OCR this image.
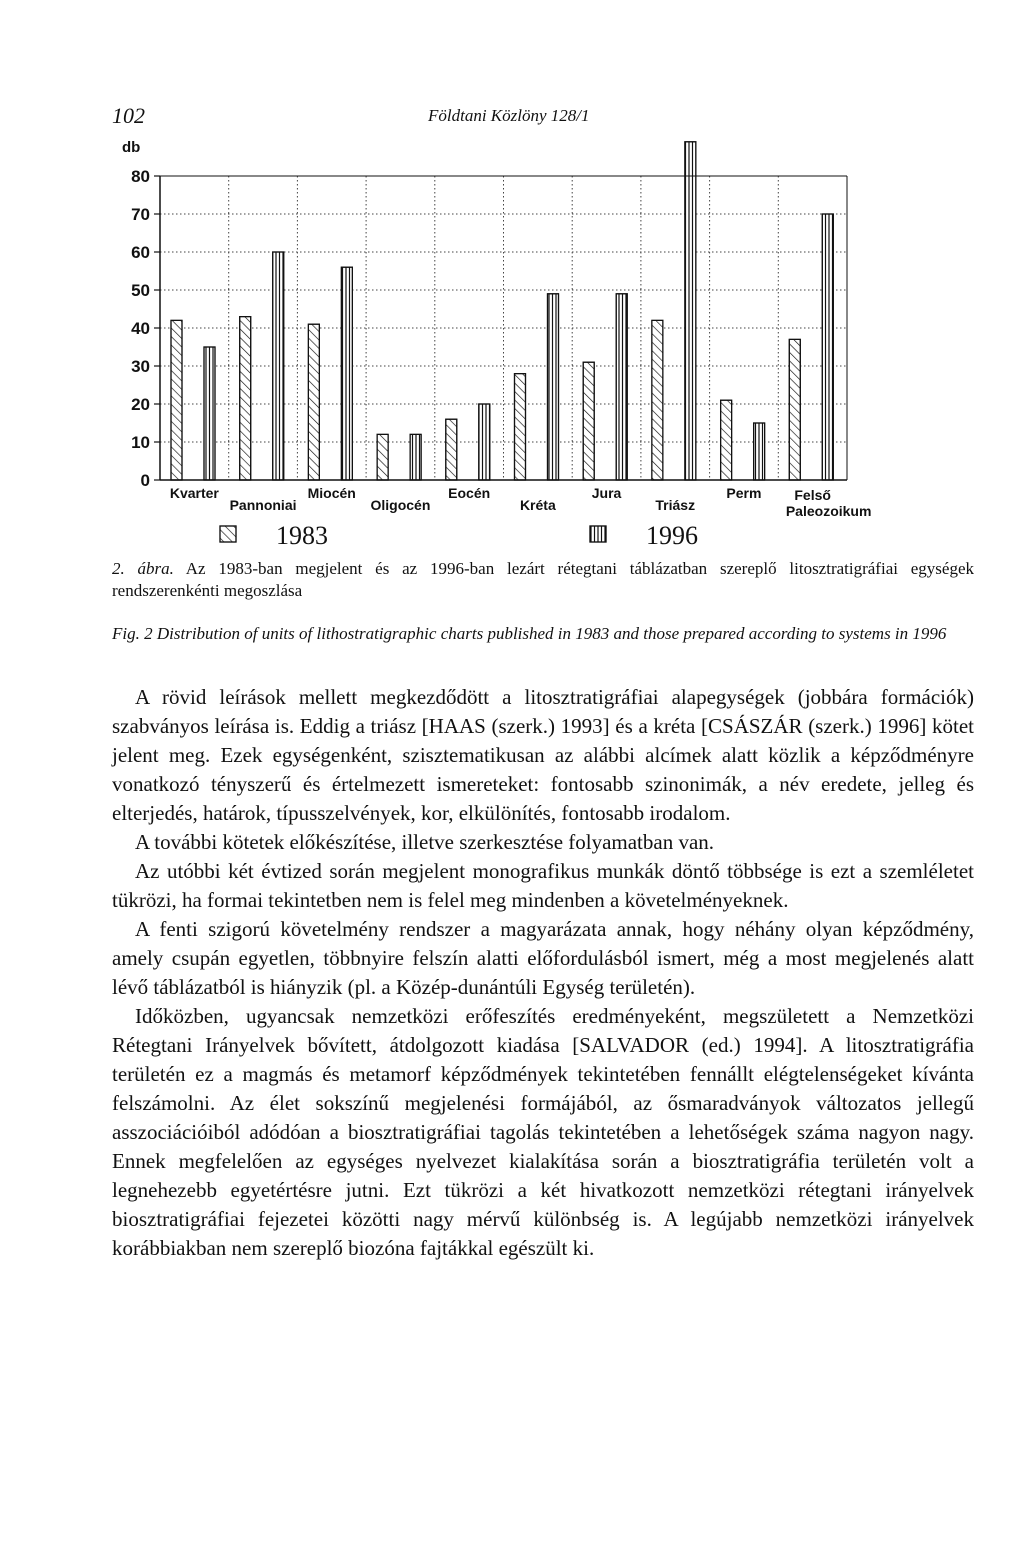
102	Földtani Közlöny 128/1
0
10
20
30
40
50
60
70
80
db
Kvarter
Pannoniai
Miocén
Oligocén
Eocén
Kréta
Jura
Triász
Perm	Felső Paleozoikum
1983	1996
2. ábra. Az 1983-ban megjelent és az 1996-ban lezárt rétegtani táblázatban szereplő litosztratigráfiai egységek rendszerenkénti megoszlása
Fig. 2 Distribution of units of lithostratigraphic charts published in 1983 and those prepared according to systems in 1996

A rövid leírások mellett megkezdődött a litosztratigráfiai alapegységek (jobbára formációk) szabványos leírása is. Eddig a triász [HAAS (szerk.) 1993] és a kréta [CSÁSZÁR (szerk.) 1996] kötet jelent meg. Ezek egységenként, szisztematikusan az alábbi alcímek alatt közlik a képződményre vonatkozó tényszerű és értelmezett ismereteket: fontosabb szinonimák, a név eredete, jelleg és elterjedés, határok, típusszelvények, kor, elkülönítés, fontosabb irodalom.

A további kötetek előkészítése, illetve szerkesztése folyamatban van.

Az utóbbi két évtized során megjelent monografikus munkák döntő többsége is ezt a szemléletet tükrözi, ha formai tekintetben nem is felel meg mindenben a követelményeknek.

A fenti szigorú követelmény rendszer a magyarázata annak, hogy néhány olyan képződmény, amely csupán egyetlen, többnyire felszín alatti előfordulásból ismert, még a most megjelenés alatt lévő táblázatból is hiányzik (pl. a Közép-dunántúli Egység területén).

Időközben, ugyancsak nemzetközi erőfeszítés eredményeként, megszületett a Nemzetközi Rétegtani Irányelvek bővített, átdolgozott kiadása [SALVADOR (ed.) 1994]. A litosztratigráfia területén ez a magmás és metamorf képződmények tekintetében fennállt elégtelenségeket kívánta felszámolni. Az élet sokszínű megjelenési formájából, az ősmaradványok változatos jellegű asszociációiból adódóan a biosztratigráfiai tagolás tekintetében a lehetőségek száma nagyon nagy. Ennek megfelelően az egységes nyelvezet kialakítása során a biosztratigráfia területén volt a legnehezebb egyetértésre jutni. Ezt tükrözi a két hivatkozott nemzetközi rétegtani irányelvek biosztratigráfiai fejezetei közötti nagy mérvű különbség is. A legújabb nemzetközi irányelvek korábbiakban nem szereplő biozóna fajtákkal egészült ki.
